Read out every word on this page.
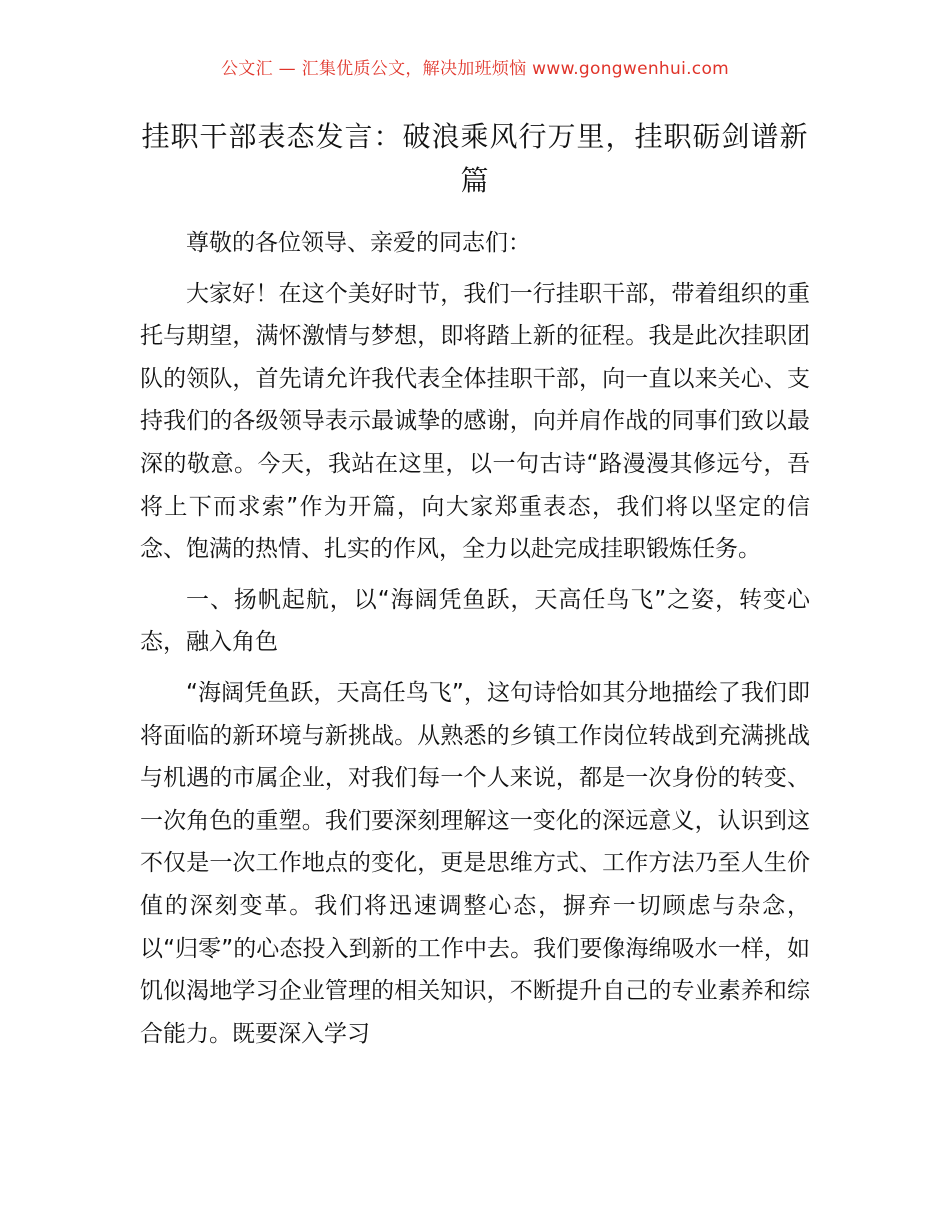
公文汇 — 汇集优质公文，解决加班烦恼 www.gongwenhui.com
挂职干部表态发言：破浪乘风行万里，挂职砺剑谱新篇

尊敬的各位领导、亲爱的同志们：

大家好！在这个美好时节，我们一行挂职干部，带着组织的重托与期望，满怀激情与梦想，即将踏上新的征程。我是此次挂职团队的领队，首先请允许我代表全体挂职干部，向一直以来关心、支持我们的各级领导表示最诚挚的感谢，向并肩作战的同事们致以最深的敬意。今天，我站在这里，以一句古诗“路漫漫其修远兮，吾将上下而求索”作为开篇，向大家郑重表态，我们将以坚定的信念、饱满的热情、扎实的作风，全力以赴完成挂职锻炼任务。

一、扬帆起航，以“海阔凭鱼跃，天高任鸟飞”之姿，转变心态，融入角色

“海阔凭鱼跃，天高任鸟飞”，这句诗恰如其分地描绘了我们即将面临的新环境与新挑战。从熟悉的乡镇工作岗位转战到充满挑战与机遇的市属企业，对我们每一个人来说，都是一次身份的转变、一次角色的重塑。我们要深刻理解这一变化的深远意义，认识到这不仅是一次工作地点的变化，更是思维方式、工作方法乃至人生价值的深刻变革。我们将迅速调整心态，摒弃一切顾虑与杂念，以“归零”的心态投入到新的工作中去。我们要像海绵吸水一样，如饥似渴地学习企业管理的相关知识，不断提升自己的专业素养和综合能力。既要深入学习
